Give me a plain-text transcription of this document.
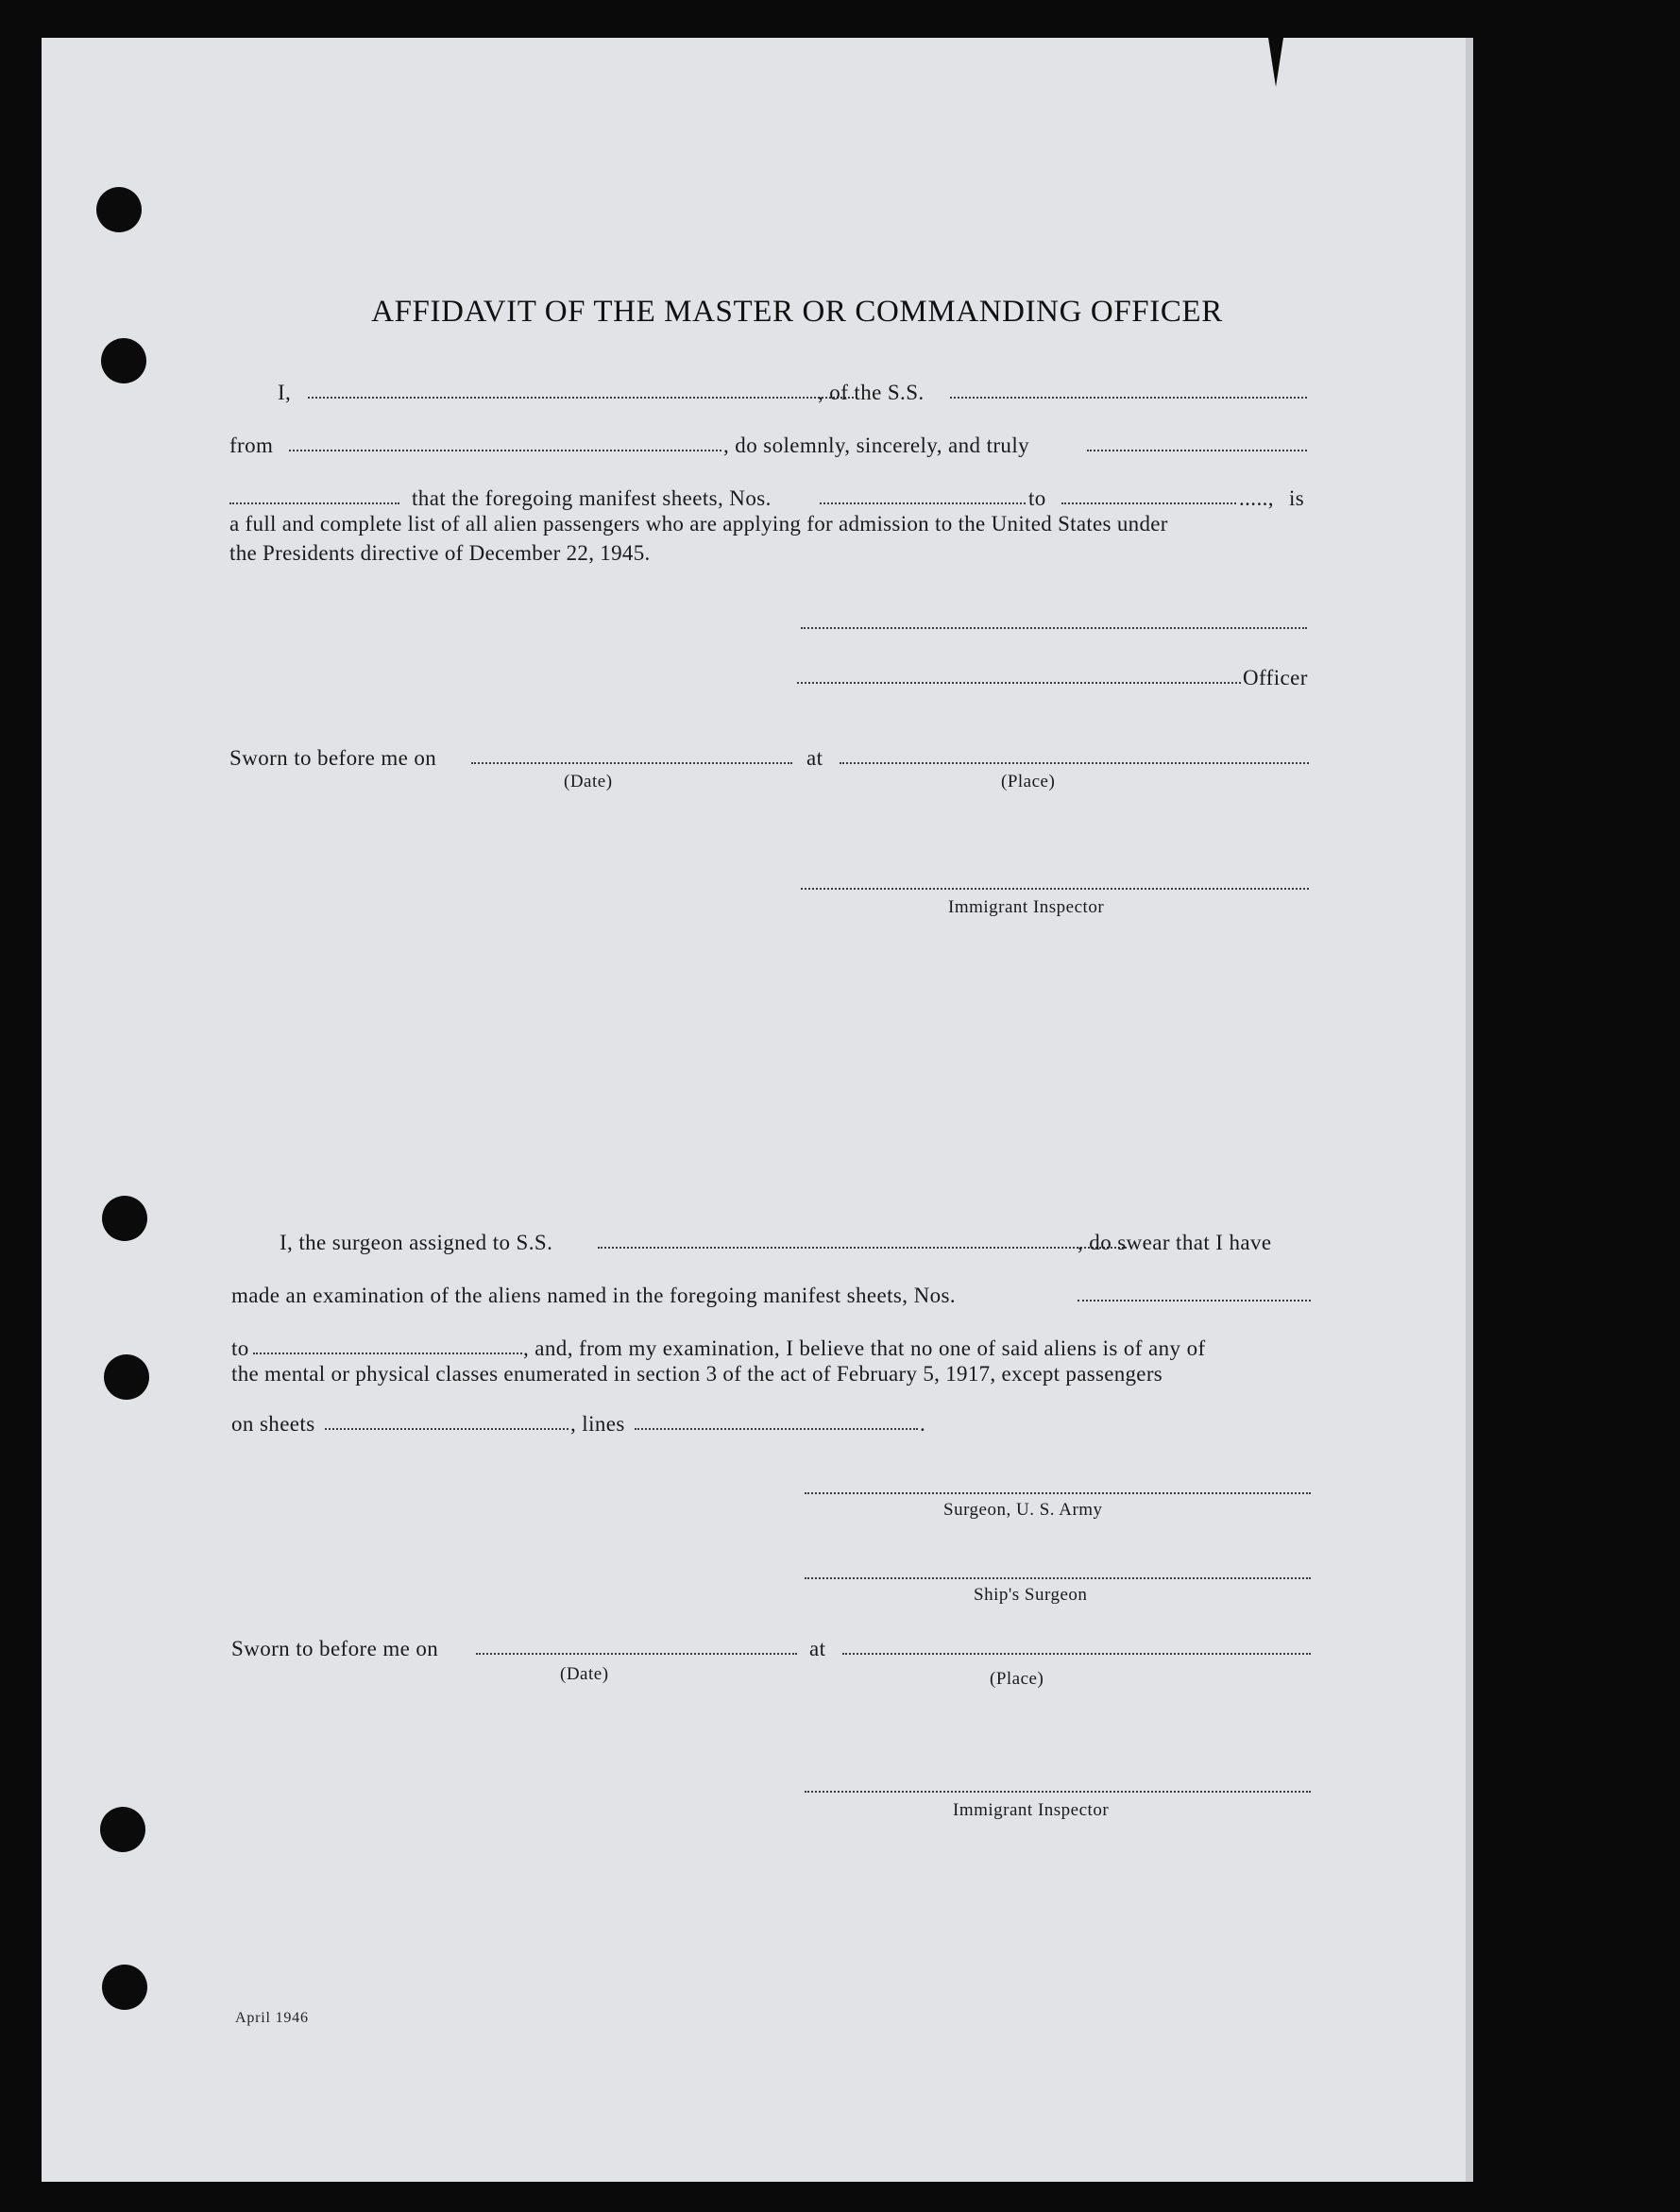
AFFIDAVIT OF THE MASTER OR COMMANDING OFFICER
I,	, of the S.S.
from	, do solemnly, sincerely, and truly
that the foregoing manifest sheets, Nos.	to	....., is
a full and complete list of all alien passengers who are applying for admission to the United States under
the Presidents directive of December 22, 1945.
Officer
Sworn to before me on	at
(Date)	(Place)
Immigrant Inspector
I, the surgeon assigned to S.S.	, do swear that I have
made an examination of the aliens named in the foregoing manifest sheets, Nos.
to	, and, from my examination, I believe that no one of said aliens is of any of
the mental or physical classes enumerated in section 3 of the act of February 5, 1917, except passengers
on sheets	, lines	.
Surgeon, U. S. Army
Ship's Surgeon
Sworn to before me on	at
(Date)	(Place)
Immigrant Inspector
April 1946
